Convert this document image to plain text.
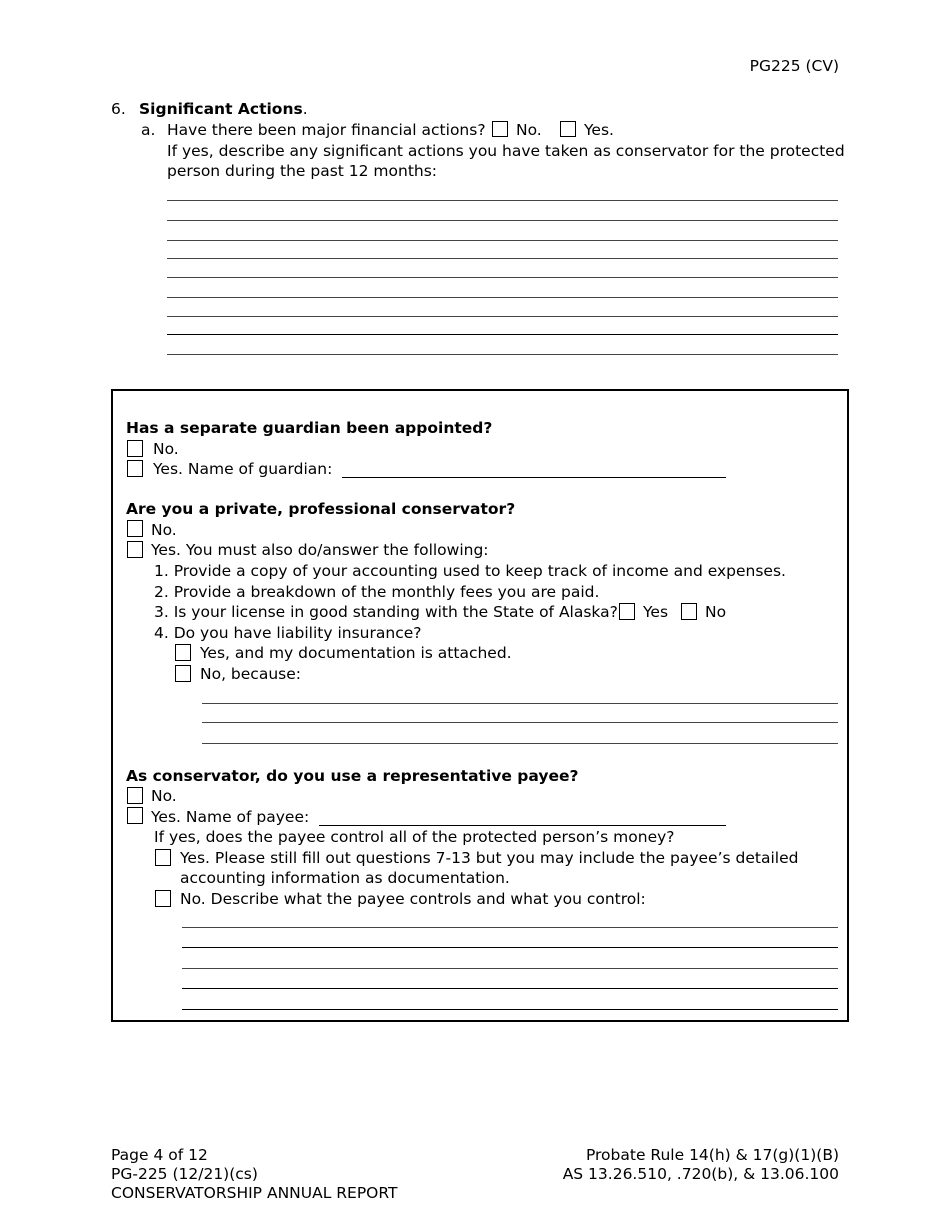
PG225 (CV)
6. Significant Actions.
a. Have there been major financial actions? No.	Yes.
If yes, describe any significant actions you have taken as conservator for the protected
person during the past 12 months:
Has a separate guardian been appointed?
No.
Yes. Name of guardian:
Are you a private, professional conservator?
No.
Yes. You must also do/answer the following:
1. Provide a copy of your accounting used to keep track of income and expenses.
2. Provide a breakdown of the monthly fees you are paid.
3. Is your license in good standing with the State of Alaska? Yes No
4. Do you have liability insurance?
Yes, and my documentation is attached.
No, because:
As conservator, do you use a representative payee?
No.
Yes. Name of payee:
If yes, does the payee control all of the protected person’s money?
Yes. Please still fill out questions 7-13 but you may include the payee’s detailed
accounting information as documentation.
No. Describe what the payee controls and what you control:
Page 4 of 12
PG-225 (12/21)(cs)
CONSERVATORSHIP ANNUAL REPORT
Probate Rule 14(h) & 17(g)(1)(B)
AS 13.26.510, .720(b), & 13.06.100
